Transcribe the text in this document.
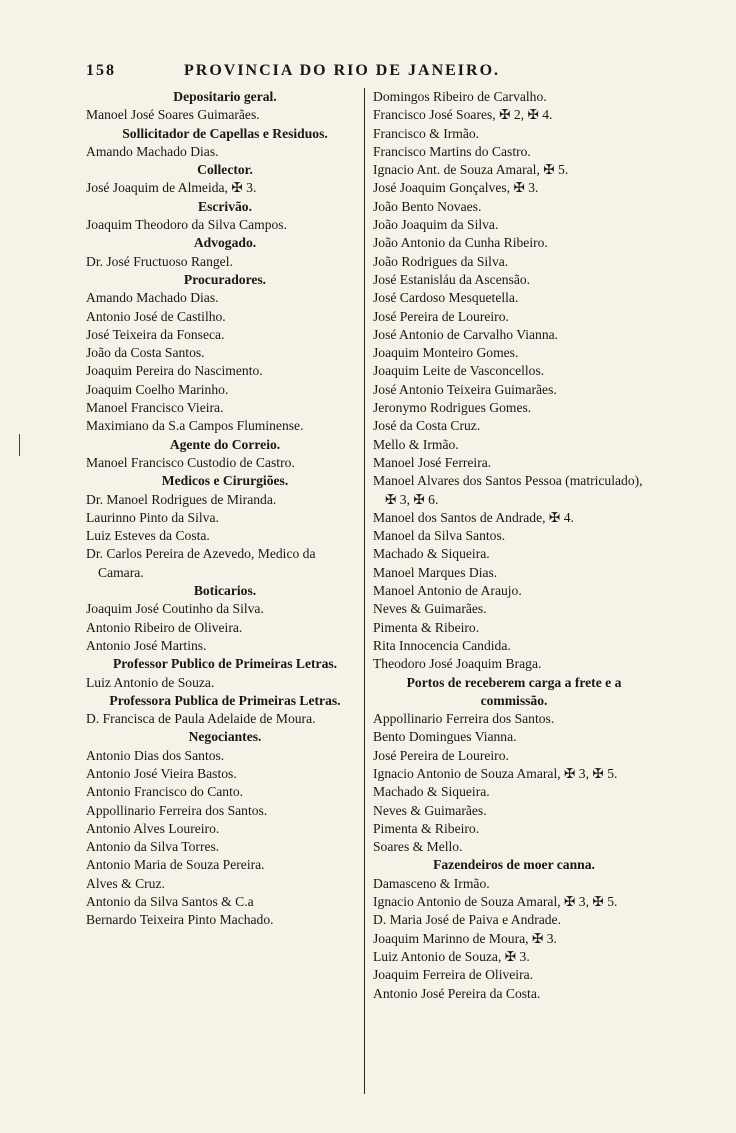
158	PROVINCIA DO RIO DE JANEIRO.
Depositario geral.
Manoel José Soares Guimarães.
Sollicitador de Capellas e Residuos.
Amando Machado Dias.
Collector.
José Joaquim de Almeida, ✠ 3.
Escrivão.
Joaquim Theodoro da Silva Campos.
Advogado.
Dr. José Fructuoso Rangel.
Procuradores.
Amando Machado Dias.
Antonio José de Castilho.
José Teixeira da Fonseca.
João da Costa Santos.
Joaquim Pereira do Nascimento.
Joaquim Coelho Marinho.
Manoel Francisco Vieira.
Maximiano da S.a Campos Fluminense.
Agente do Correio.
Manoel Francisco Custodio de Castro.
Medicos e Cirurgiões.
Dr. Manoel Rodrigues de Miranda.
Laurinno Pinto da Silva.
Luiz Esteves da Costa.
Dr. Carlos Pereira de Azevedo, Medico da Camara.
Boticarios.
Joaquim José Coutinho da Silva.
Antonio Ribeiro de Oliveira.
Antonio José Martins.
Professor Publico de Primeiras Letras.
Luiz Antonio de Souza.
Professora Publica de Primeiras Letras.
D. Francisca de Paula Adelaide de Moura.
Negociantes.
Antonio Dias dos Santos.
Antonio José Vieira Bastos.
Antonio Francisco do Canto.
Appollinario Ferreira dos Santos.
Antonio Alves Loureiro.
Antonio da Silva Torres.
Antonio Maria de Souza Pereira.
Alves & Cruz.
Antonio da Silva Santos & C.a
Bernardo Teixeira Pinto Machado.
Domingos Ribeiro de Carvalho.
Francisco José Soares, ✠ 2, ✠ 4.
Francisco & Irmão.
Francisco Martins do Castro.
Ignacio Ant. de Souza Amaral, ✠ 5.
José Joaquim Gonçalves, ✠ 3.
João Bento Novaes.
João Joaquim da Silva.
João Antonio da Cunha Ribeiro.
João Rodrigues da Silva.
José Estanisláu da Ascensão.
José Cardoso Mesquetella.
José Pereira de Loureiro.
José Antonio de Carvalho Vianna.
Joaquim Monteiro Gomes.
Joaquim Leite de Vasconcellos.
José Antonio Teixeira Guimarães.
Jeronymo Rodrigues Gomes.
José da Costa Cruz.
Mello & Irmão.
Manoel José Ferreira.
Manoel Alvares dos Santos Pessoa (matriculado), ✠ 3, ✠ 6.
Manoel dos Santos de Andrade, ✠ 4.
Manoel da Silva Santos.
Machado & Siqueira.
Manoel Marques Dias.
Manoel Antonio de Araujo.
Neves & Guimarães.
Pimenta & Ribeiro.
Rita Innocencia Candida.
Theodoro José Joaquim Braga.
Portos de receberem carga a frete e a commissão.
Appollinario Ferreira dos Santos.
Bento Domingues Vianna.
José Pereira de Loureiro.
Ignacio Antonio de Souza Amaral, ✠ 3, ✠ 5.
Machado & Siqueira.
Neves & Guimarães.
Pimenta & Ribeiro.
Soares & Mello.
Fazendeiros de moer canna.
Damasceno & Irmão.
Ignacio Antonio de Souza Amaral, ✠ 3, ✠ 5.
D. Maria José de Paiva e Andrade.
Joaquim Marinno de Moura, ✠ 3.
Luiz Antonio de Souza, ✠ 3.
Joaquim Ferreira de Oliveira.
Antonio José Pereira da Costa.
